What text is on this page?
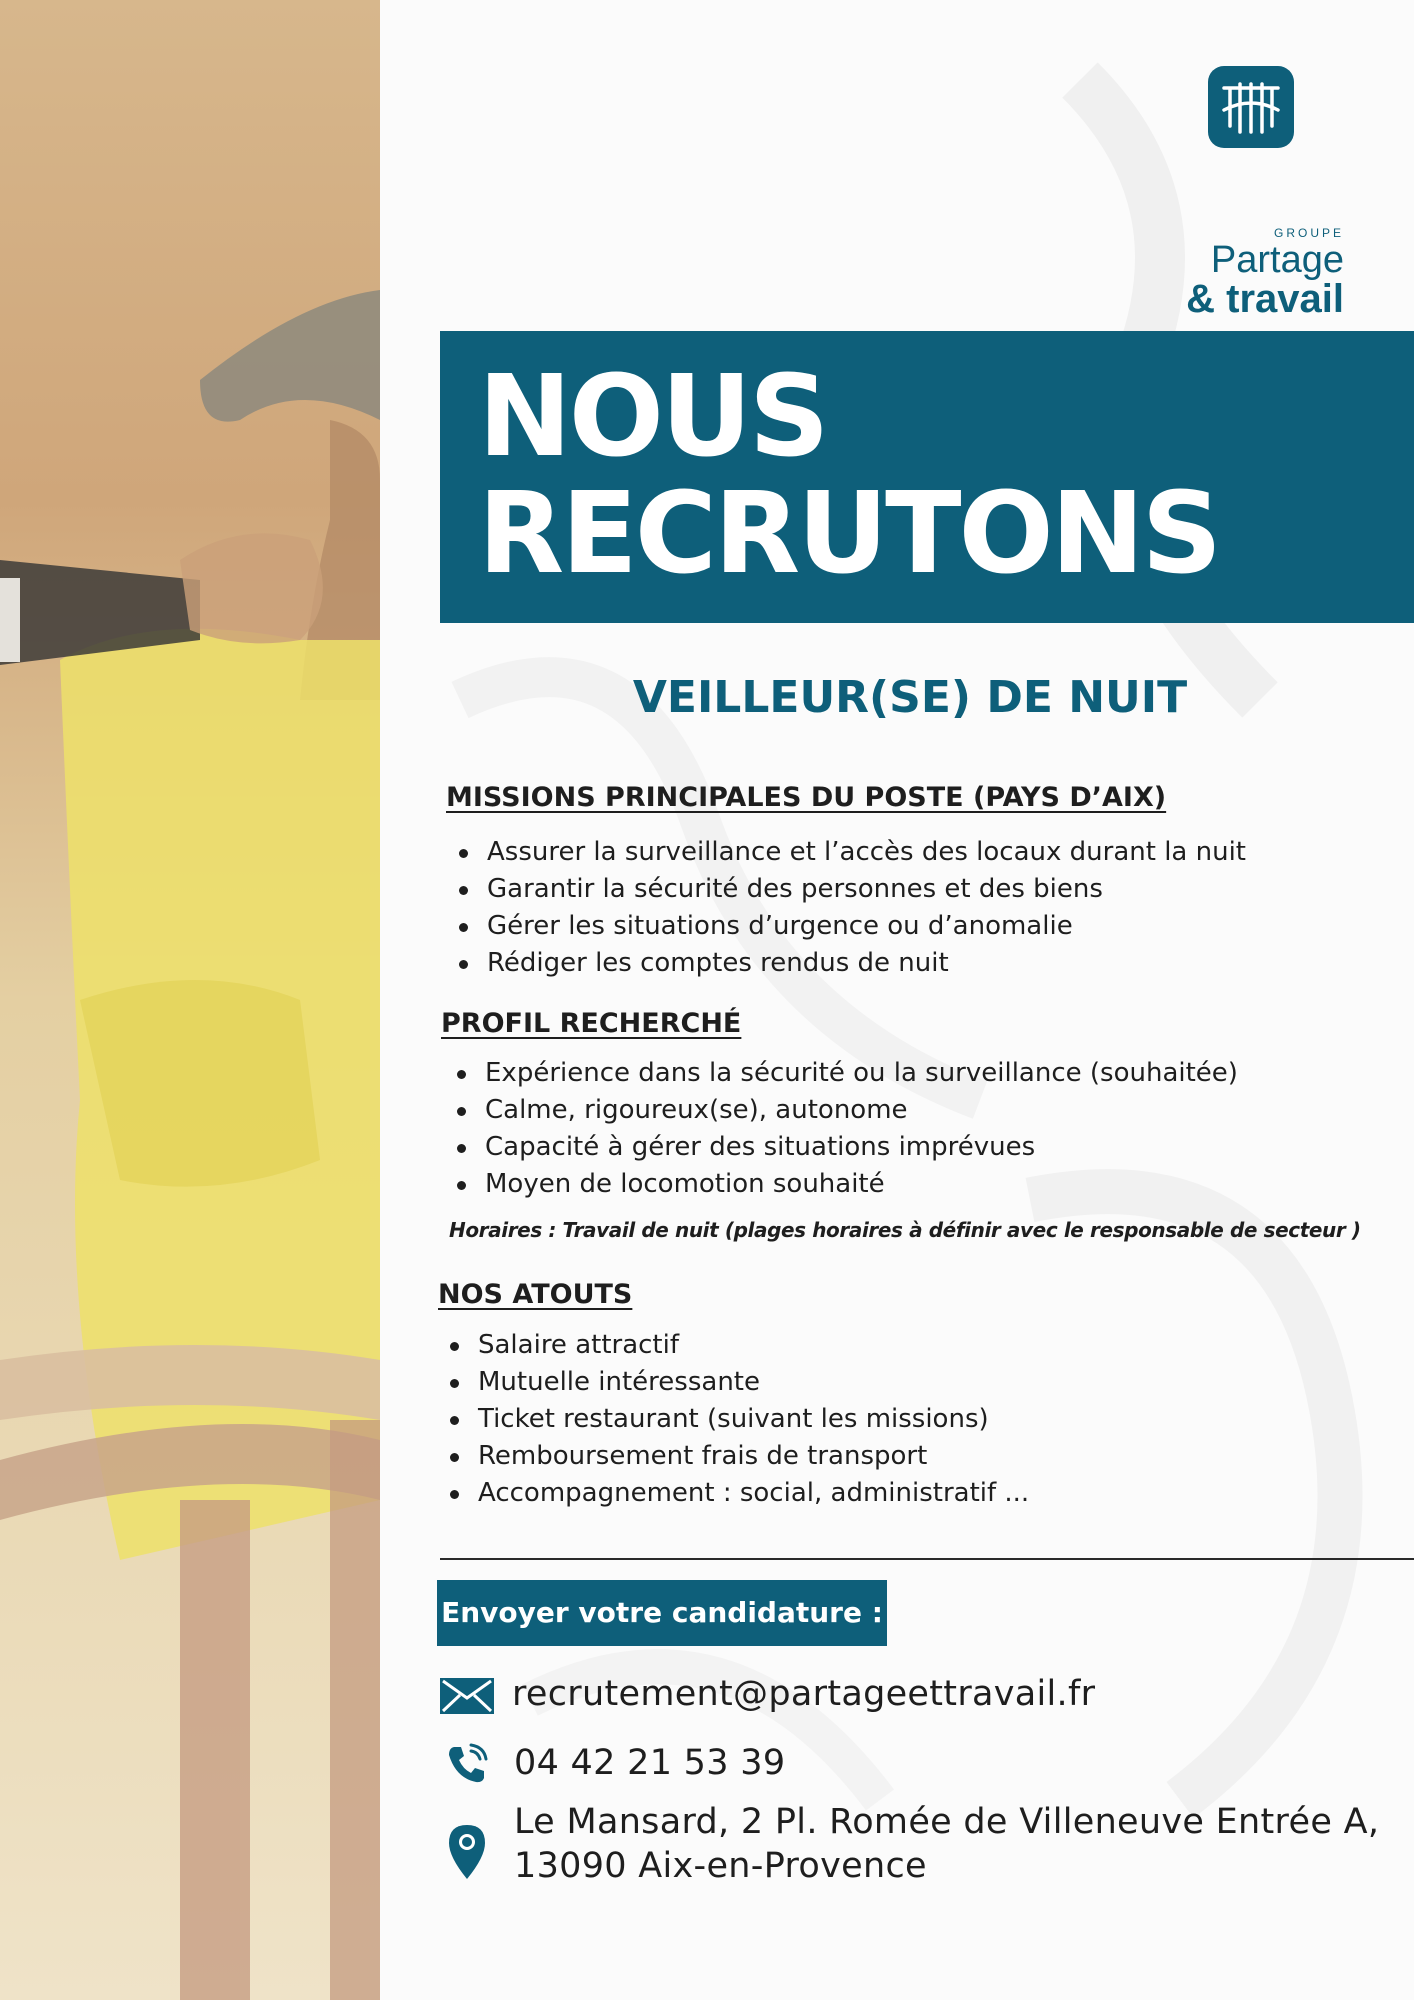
GROUPE
Partage
& travail
NOUS
RECRUTONS
VEILLEUR(SE) DE NUIT
MISSIONS PRINCIPALES DU POSTE (PAYS D’AIX)
Assurer la surveillance et l’accès des locaux durant la nuit
Garantir la sécurité des personnes et des biens
Gérer les situations d’urgence ou d’anomalie
Rédiger les comptes rendus de nuit
PROFIL RECHERCHÉ
Expérience dans la sécurité ou la surveillance (souhaitée)
Calme, rigoureux(se), autonome
Capacité à gérer des situations imprévues
Moyen de locomotion souhaité
Horaires : Travail de nuit (plages horaires à définir avec le responsable de secteur )
NOS ATOUTS
Salaire attractif
Mutuelle intéressante
Ticket restaurant (suivant les missions)
Remboursement frais de transport
Accompagnement : social, administratif ...
Envoyer votre candidature :
recrutement@partageettravail.fr
04 42 21 53 39
Le Mansard, 2 Pl. Romée de Villeneuve Entrée A,
13090 Aix-en-Provence
